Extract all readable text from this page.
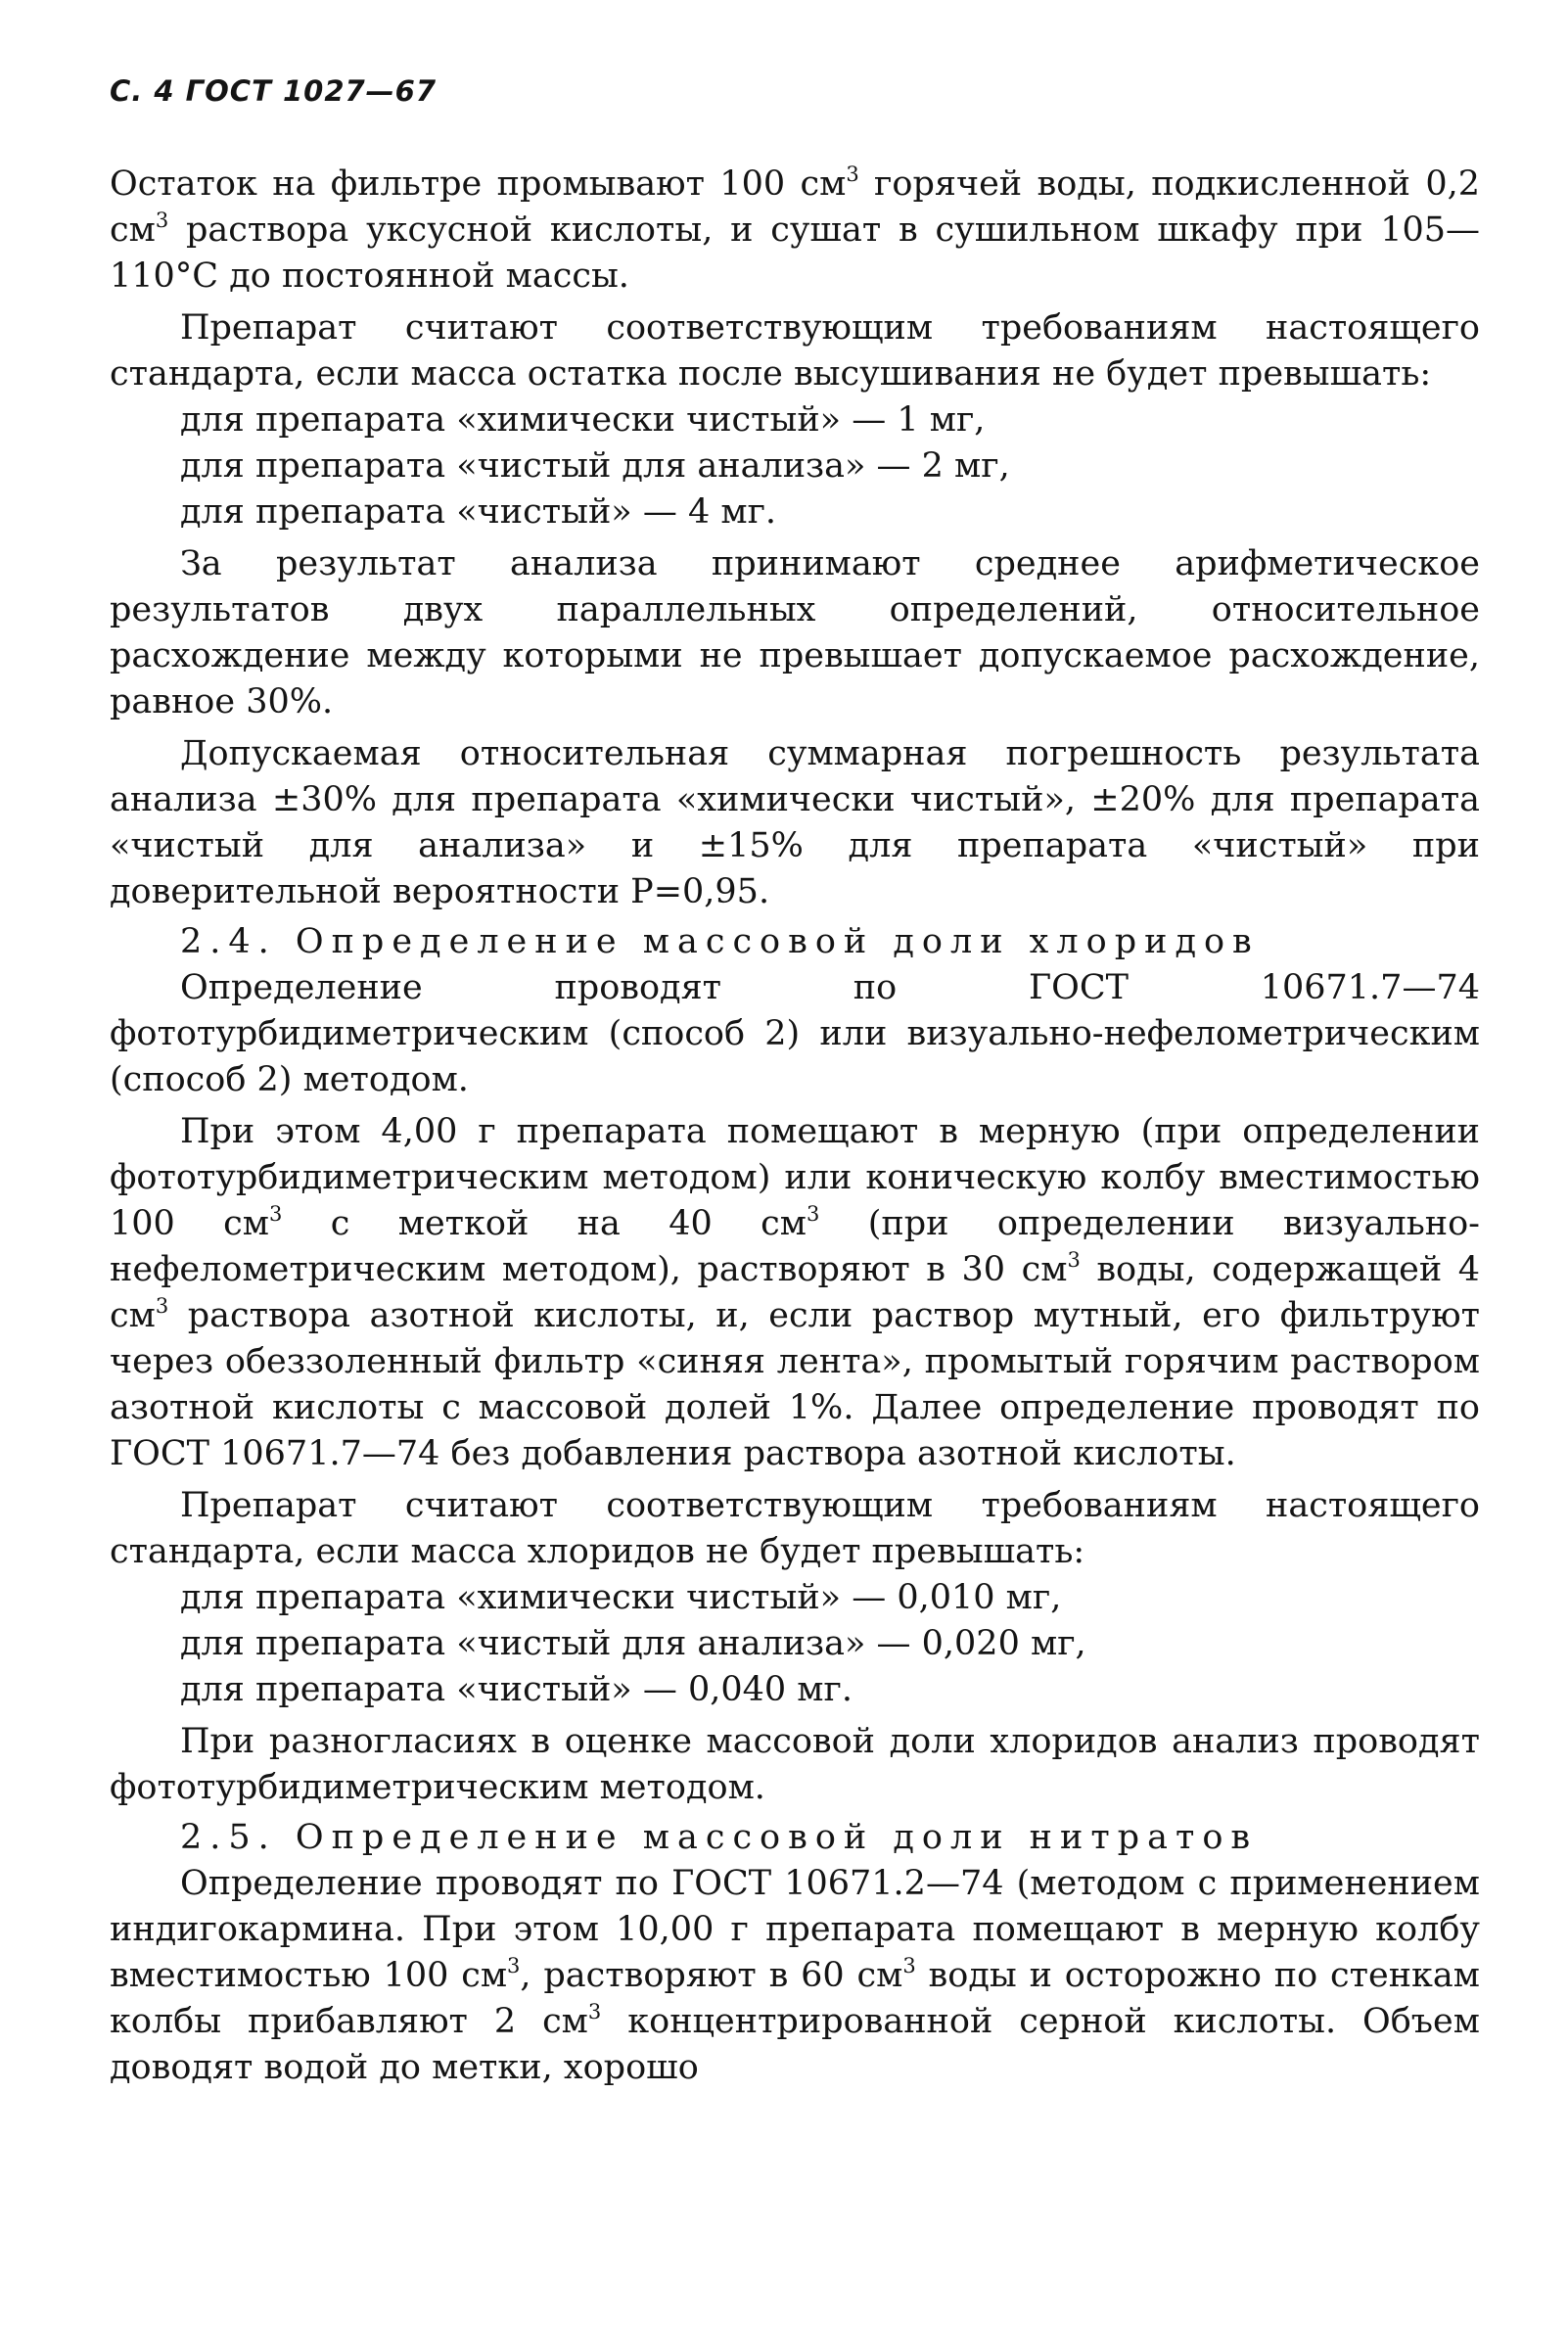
С. 4 ГОСТ 1027—67

Остаток на фильтре промывают 100 $см^3$ горячей воды, подкисленной 0,2 $см^3$ раствора уксусной кислоты, и сушат в сушильном шкафу при 105—110°С до постоянной массы.

Препарат считают соответствующим требованиям настоящего стандарта, если масса остатка после высушивания не будет превышать:

для препарата «химически чистый» — 1 мг,
для препарата «чистый для анализа» — 2 мг,
для препарата «чистый» — 4 мг.

За результат анализа принимают среднее арифметическое результатов двух параллельных определений, относительное расхождение между которыми не превышает допускаемое расхождение, равное 30%.

Допускаемая относительная суммарная погрешность результата анализа ±30% для препарата «химически чистый», ±20% для препарата «чистый для анализа» и ±15% для препарата «чистый» при доверительной вероятности Р=0,95.

2.4. Определение массовой доли хлоридов

Определение проводят по ГОСТ 10671.7—74 фототурбидиметрическим (способ 2) или визуально-нефелометрическим (способ 2) методом.

При этом 4,00 г препарата помещают в мерную (при определении фототурбидиметрическим методом) или коническую колбу вместимостью 100 $см^3$ с меткой на 40 $см^3$ (при определении визуально-нефелометрическим методом), растворяют в 30 $см^3$ воды, содержащей 4 $см^3$ раствора азотной кислоты, и, если раствор мутный, его фильтруют через обеззоленный фильтр «синяя лента», промытый горячим раствором азотной кислоты с массовой долей 1%. Далее определение проводят по ГОСТ 10671.7—74 без добавления раствора азотной кислоты.

Препарат считают соответствующим требованиям настоящего стандарта, если масса хлоридов не будет превышать:

для препарата «химически чистый» — 0,010 мг,
для препарата «чистый для анализа» — 0,020 мг,
для препарата «чистый» — 0,040 мг.

При разногласиях в оценке массовой доли хлоридов анализ проводят фототурбидиметрическим методом.

2.5. Определение массовой доли нитратов

Определение проводят по ГОСТ 10671.2—74 (методом с применением индигокармина. При этом 10,00 г препарата помещают в мерную колбу вместимостью 100 $см^3$, растворяют в 60 $см^3$ воды и осторожно по стенкам колбы прибавляют 2 $см^3$ концентрированной серной кислоты. Объем доводят водой до метки, хорошо
